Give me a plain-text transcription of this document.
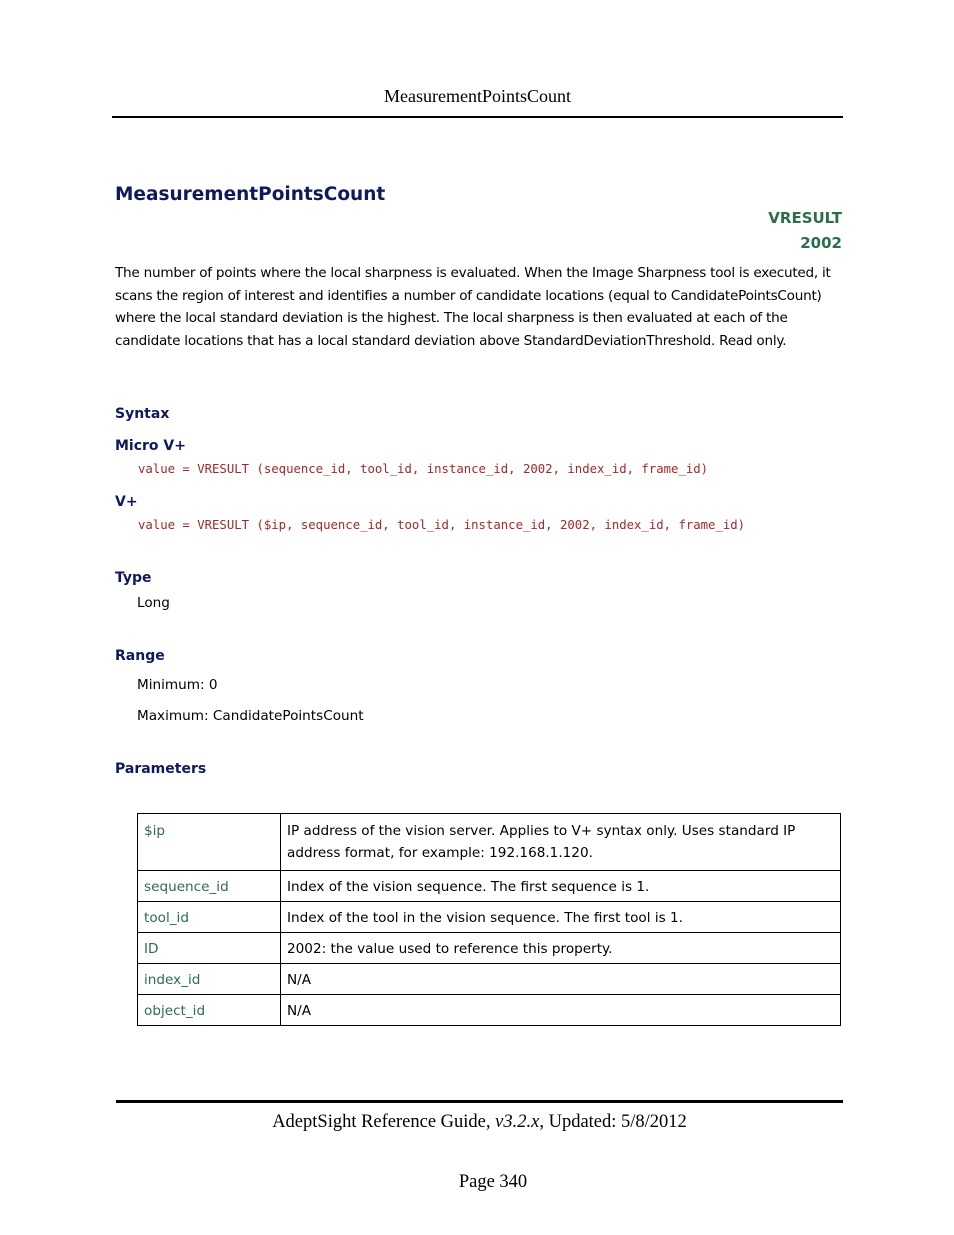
MeasurementPointsCount
MeasurementPointsCount
VRESULT
2002
The number of points where the local sharpness is evaluated. When the Image Sharpness tool is executed, it scans the region of interest and identifies a number of candidate locations (equal to CandidatePointsCount) where the local standard deviation is the highest. The local sharpness is then evaluated at each of the candidate locations that has a local standard deviation above StandardDeviationThreshold. Read only.
Syntax
Micro V+
value = VRESULT (sequence_id, tool_id, instance_id, 2002, index_id, frame_id)
V+
value = VRESULT ($ip, sequence_id, tool_id, instance_id, 2002, index_id, frame_id)
Type
Long
Range
Minimum: 0
Maximum: CandidatePointsCount
Parameters
$ip	IP address of the vision server. Applies to V+ syntax only. Uses standard IP address format, for example: 192.168.1.120.
sequence_id	Index of the vision sequence. The first sequence is 1.
tool_id	Index of the tool in the vision sequence. The first tool is 1.
ID	2002: the value used to reference this property.
index_id	N/A
object_id	N/A
AdeptSight Reference Guide, v3.2.x, Updated: 5/8/2012
Page 340
